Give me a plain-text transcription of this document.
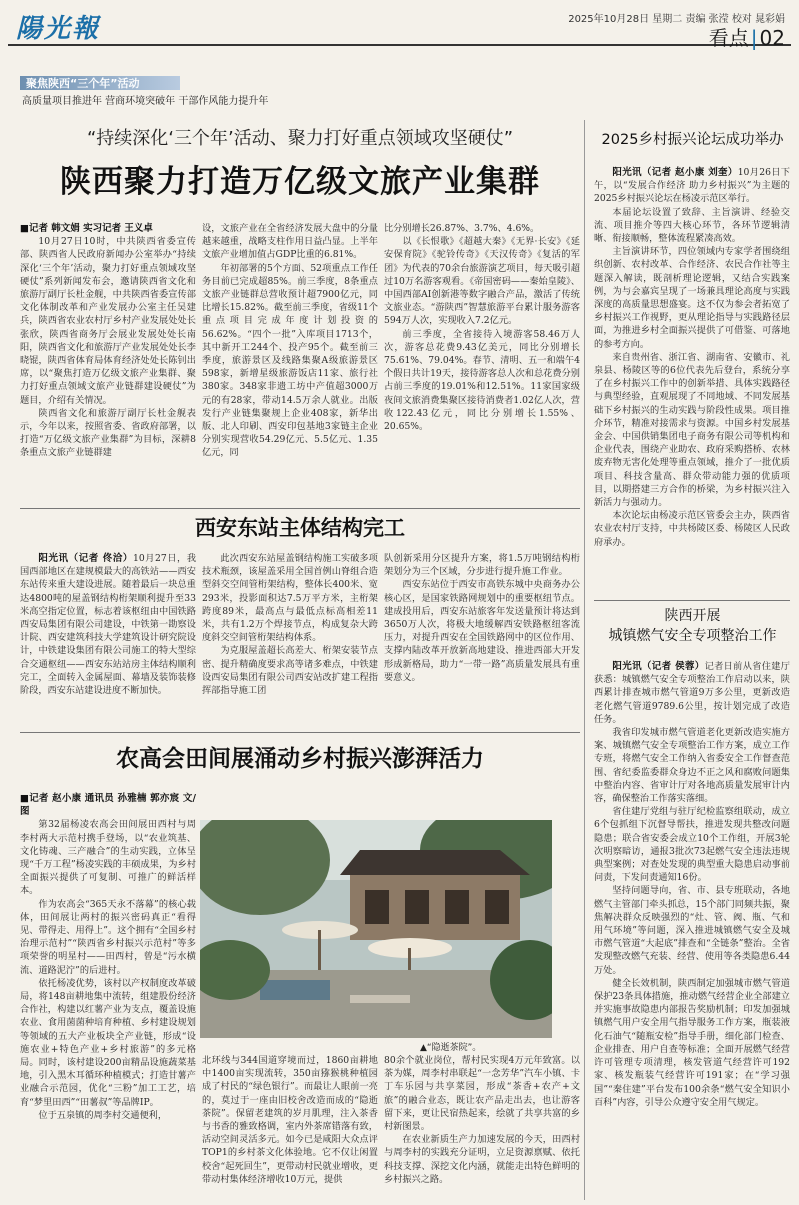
陽光報	2025年10月28日 星期二 责编 张滢 校对 晁彩娟
看点 | 02
聚焦陕西“三个年”活动
高质量项目推进年 营商环境突破年 干部作风能力提升年
“持续深化‘三个年’活动、聚力打好重点领域攻坚硬仗”
陕西聚力打造万亿级文旅产业集群

■记者 韩文娟 实习记者 王义卓

10月27日10时，中共陕西省委宣传部、陕西省人民政府新闻办公室举办“持续深化‘三个年’活动，聚力打好重点领域攻坚硬仗”系列新闻发布会，邀请陕西省文化和旅游厅副厅长杜金舰，中共陕西省委宣传部文化体制改革和产业发展办公室主任吴建兵，陕西省农业农村厅乡村产业发展处处长张欣，陕西省商务厅会展业发展处处长南阳，陕西省文化和旅游厅产业发展处处长李晓锟，陕西省体育局体育经济处处长陈钊出席，以“聚焦打造万亿级文旅产业集群、聚力打好重点领域文旅产业链群建设硬仗”为题目，介绍有关情况。

陕西省文化和旅游厅副厅长杜金舰表示，今年以来，按照省委、省政府部署，以打造“万亿级文旅产业集群”为目标，深耕8条重点文旅产业链群建

设，文旅产业在全省经济发展大盘中的分量越来越重，战略支柱作用日益凸显。上半年文旅产业增加值占GDP比重的6.81%。

年初部署的5个方面、52项重点工作任务目前已完成超85%。前三季度，8条重点文旅产业链群总营收预计超7900亿元，同比增长15.82%。截至前三季度，省级11个重点项目完成年度计划投资的56.62%。“四个一批”入库项目1713个，其中新开工244个、投产95个。截至前三季度，旅游景区及线路集聚A级旅游景区598家，新增星级旅游饭店11家、旅行社380家。348家非遗工坊中产值超3000万元的有28家，带动14.5万余人就业。出版发行产业链集聚规上企业408家，新华出版、北人印刷、西安印包基地3家链主企业分别实现营收54.29亿元、5.5亿元、1.35亿元，同

比分别增长26.87%、3.7%、4.6%。

以《长恨歌》《超越大秦》《无界·长安》《延安保育院》《驼铃传奇》《天汉传奇》《复活的军团》为代表的70余台旅游演艺项目，每天吸引超过10万名游客观看。《帝国密码——秦始皇陵》、中国西部AI创新港等数字融合产品，激活了传统文旅业态。“游陕西”智慧旅游平台累计服务游客594万人次，实现收入7.2亿元。

前三季度，全省接待入境游客58.46万人次，游客总花费9.43亿美元，同比分别增长75.61%、79.04%。春节、清明、五一和端午4个假日共计19天，接待游客总人次和总花费分别占前三季度的19.01%和12.51%。11家国家级夜间文旅消费集聚区接待消费者1.02亿人次，营收122.43亿元，同比分别增长1.55%、20.65%。

西安东站主体结构完工

阳光讯（记者 佟洽）10月27日，我国西部地区在建规模最大的高铁站——西安东站传来重大建设进展。随着最后一块总重达4800吨的屋盖钢结构桁架顺利提升至33米高空指定位置，标志着该枢纽由中国铁路西安局集团有限公司建设，中铁第一勘察设计院、西安建筑科技大学建筑设计研究院设计，中铁建设集团有限公司施工的特大型综合交通枢纽——西安东站站房主体结构顺利完工，全面转入金属屋面、幕墙及装饰装修阶段，西安东站建设进度不断加快。

此次西安东站屋盖钢结构施工实破多项技术瓶颈，该屋盖采用全国首例山脊组合造型斜交空间管桁架结构，整体长400米、宽293米，投影面积达7.5万平方米，主桁架跨度89米，最高点与最低点标高相差11米，共有1.2万个焊接节点，构成复杂大跨度斜交空间管桁架结构体系。

为克服屋盖超长高差大、桁架安装节点密、提升精确度要求高等诸多难点，中铁建设西安局集团有限公司西安站改扩建工程指挥部指导施工团

队创新采用分区提升方案，将1.5万吨钢结构桁架划分为三个区域，分步进行提升施工作业。

西安东站位于西安市高铁东城中央商务办公核心区，是国家铁路网规划中的重要枢纽节点。建成投用后，西安东站旅客年发送量预计将达到3650万人次，将极大地缓解西安铁路枢纽客流压力，对提升西安在全国铁路网中的区位作用、支撑内陆改革开放新高地建设、推进西部大开发形成新格局，助力“一带一路”高质量发展具有重要意义。

农高会田间展涌动乡村振兴澎湃活力

■记者 赵小康 通讯员 孙雅楠 郭亦宸 文/图

第32届杨凌农高会田间展田西村与周李村两大示范村携手登场，以“农业筑基、文化铸魂、三产融合”的生动实践，立体呈现“千万工程”杨凌实践的丰硕成果，为乡村全面振兴提供了可复制、可推广的鲜活样本。

作为农高会“365天永不落幕”的核心载体，田间展让两村的振兴密码真正“看得见、带得走、用得上”。这个拥有“全国乡村治理示范村”“陕西省乡村振兴示范村”等多项荣誉的明星村——田西村，曾是“污水横流、道路泥泞”的后进村。

依托杨凌优势，该村以产权制度改革破局，将148亩耕地集中流转，组建股份经济合作社，构建以红薯产业为支点，覆盖设施农业、食用菌菌种培育种植、乡村建设规划等领域的五大产业板块全产业链，形成“设施农业+特色产业+乡村旅游”的多元格局。同时，该村建设200亩精品设施蔬菜基地，引入黑木耳循环种植模式；打造甘薯产业融合示范园，优化“三粉”加工工艺，培育“梦里田西”“田薯叔”等品牌IP。

位于五泉镇的周李村交通便利，

▲“隐逝茶院”。

北环线与344国道穿境而过，1860亩耕地中1400亩实现流转，350亩猕猴桃种植园成了村民的“绿色银行”。而最让人眼前一亮的，莫过于一座由旧校舍改造而成的“隐逝茶院”。保留老建筑的岁月肌理，注入茶香与书香的雅致格调，室内外茶席错落有致，活动空间灵活多元。如今已是咸阳大众点评TOP1的乡村茶文化体验地。它不仅让闲置校舍“起死回生”，更带动村民就业增收，更带动村集体经济增收10万元，提供

80余个就业岗位，帮村民实现4万元年致富。以茶为媒，周李村串联起“一念芳华”汽车小镇、卡丁车乐园与共享菜园，形成“茶香+农产+文旅”的融合业态，既让农产品走出去，也让游客留下来，更让民宿热起来，绘就了共享共富的乡村新图景。

在农业新质生产力加速发展的今天，田西村与周李村的实践充分证明，立足资源禀赋、依托科技支撑、深挖文化内涵，就能走出特色鲜明的乡村振兴之路。

2025乡村振兴论坛成功举办

阳光讯（记者 赵小康 刘奎）10月26日下午，以“发展合作经济 助力乡村振兴”为主题的2025乡村振兴论坛在杨凌示范区举行。

本届论坛设置了致辞、主旨演讲、经验交流、项目推介等四大核心环节，各环节逻辑清晰、衔接顺畅，整体流程紧凑高效。

主旨演讲环节，四位领域内专家学者围绕组织创新、农村改革、合作经济、农民合作社等主题深入解读，既剖析理论逻辑，又结合实践案例，为与会嘉宾呈现了一场兼具理论高度与实践深度的高质量思想盛宴。这不仅为参会者拓宽了乡村振兴工作视野，更从理论指导与实践路径层面，为推进乡村全面振兴提供了可借鉴、可落地的参考方向。

来自贵州省、浙江省、湖南省、安徽市、礼泉县、杨陵区等的6位代表先后登台，系统分享了在乡村振兴工作中的创新举措、具体实践路径与典型经验，直观展现了不同地域、不同发展基础下乡村振兴的生动实践与阶段性成果。项目推介环节，精准对接需求与资源。中国乡村发展基金会、中国供销集团电子商务有限公司等机构和企业代表，围绕产业助农、政府采购搭桥、农林废弃物无害化处理等重点领域，推介了一批优质项目、科技含量高、群众带动能力强的优质项目，以期搭建三方合作的桥梁，为乡村振兴注入新活力与强动力。

本次论坛由杨凌示范区管委会主办，陕西省农业农村厅支持，中共杨陵区委、杨陵区人民政府承办。

陕西开展
城镇燃气安全专项整治工作

阳光讯（记者 侯蓉）记者日前从省住建厅获悉：城镇燃气安全专项整治工作启动以来，陕西累计排查城市燃气管道9万多公里，更新改造老化燃气管道9789.6公里，按计划完成了改造任务。

我省印发城市燃气管道老化更新改造实施方案、城镇燃气安全专项整治工作方案，成立工作专班，将燃气安全工作纳入省委安全工作督查范围、省纪委监委群众身边不正之风和腐败问题集中整治内容、省审计厅对各地高质量发展审计内容，确保整治工作落实落细。

省住建厅党组与驻厅纪检监察组联动，成立6个包抓组下沉督导帮扶，推进发现共整改问题隐患；联合省安委会成立10个工作组，开展3轮次明察暗访，通报3批次73起燃气安全违法违规典型案例；对查处发现的典型重大隐患启动事前问责，下发问责通知16份。

坚持问题导向，省、市、县专班联动，各地燃气主管部门牵头抓总，15个部门同频共振，聚焦解决群众反映强烈的“灶、管、阀、瓶、气和用气环境”等问题，深入推进城镇燃气安全及城市燃气管道“大起底”排查和“全链条”整治。全省发现整改燃气充装、经营、使用等各类隐患6.44万处。

健全长效机制，陕西制定加强城市燃气管道保护23条具体措施，推动燃气经营企业全部建立并实施事故隐患内部报告奖励机制；印发加强城镇燃气用户安全用气指导服务工作方案，瓶装液化石油气“随瓶安检”指导手册，细化部门检查、企业排查、用户自查等标准；全面开展燃气经营许可管理专项清理，核发管道气经营许可192家、核发瓶装气经营许可191家；在“学习强国”“秦住建”平台发布100余条“燃气安全知识小百科”内容，引导公众遵守安全用气规定。
